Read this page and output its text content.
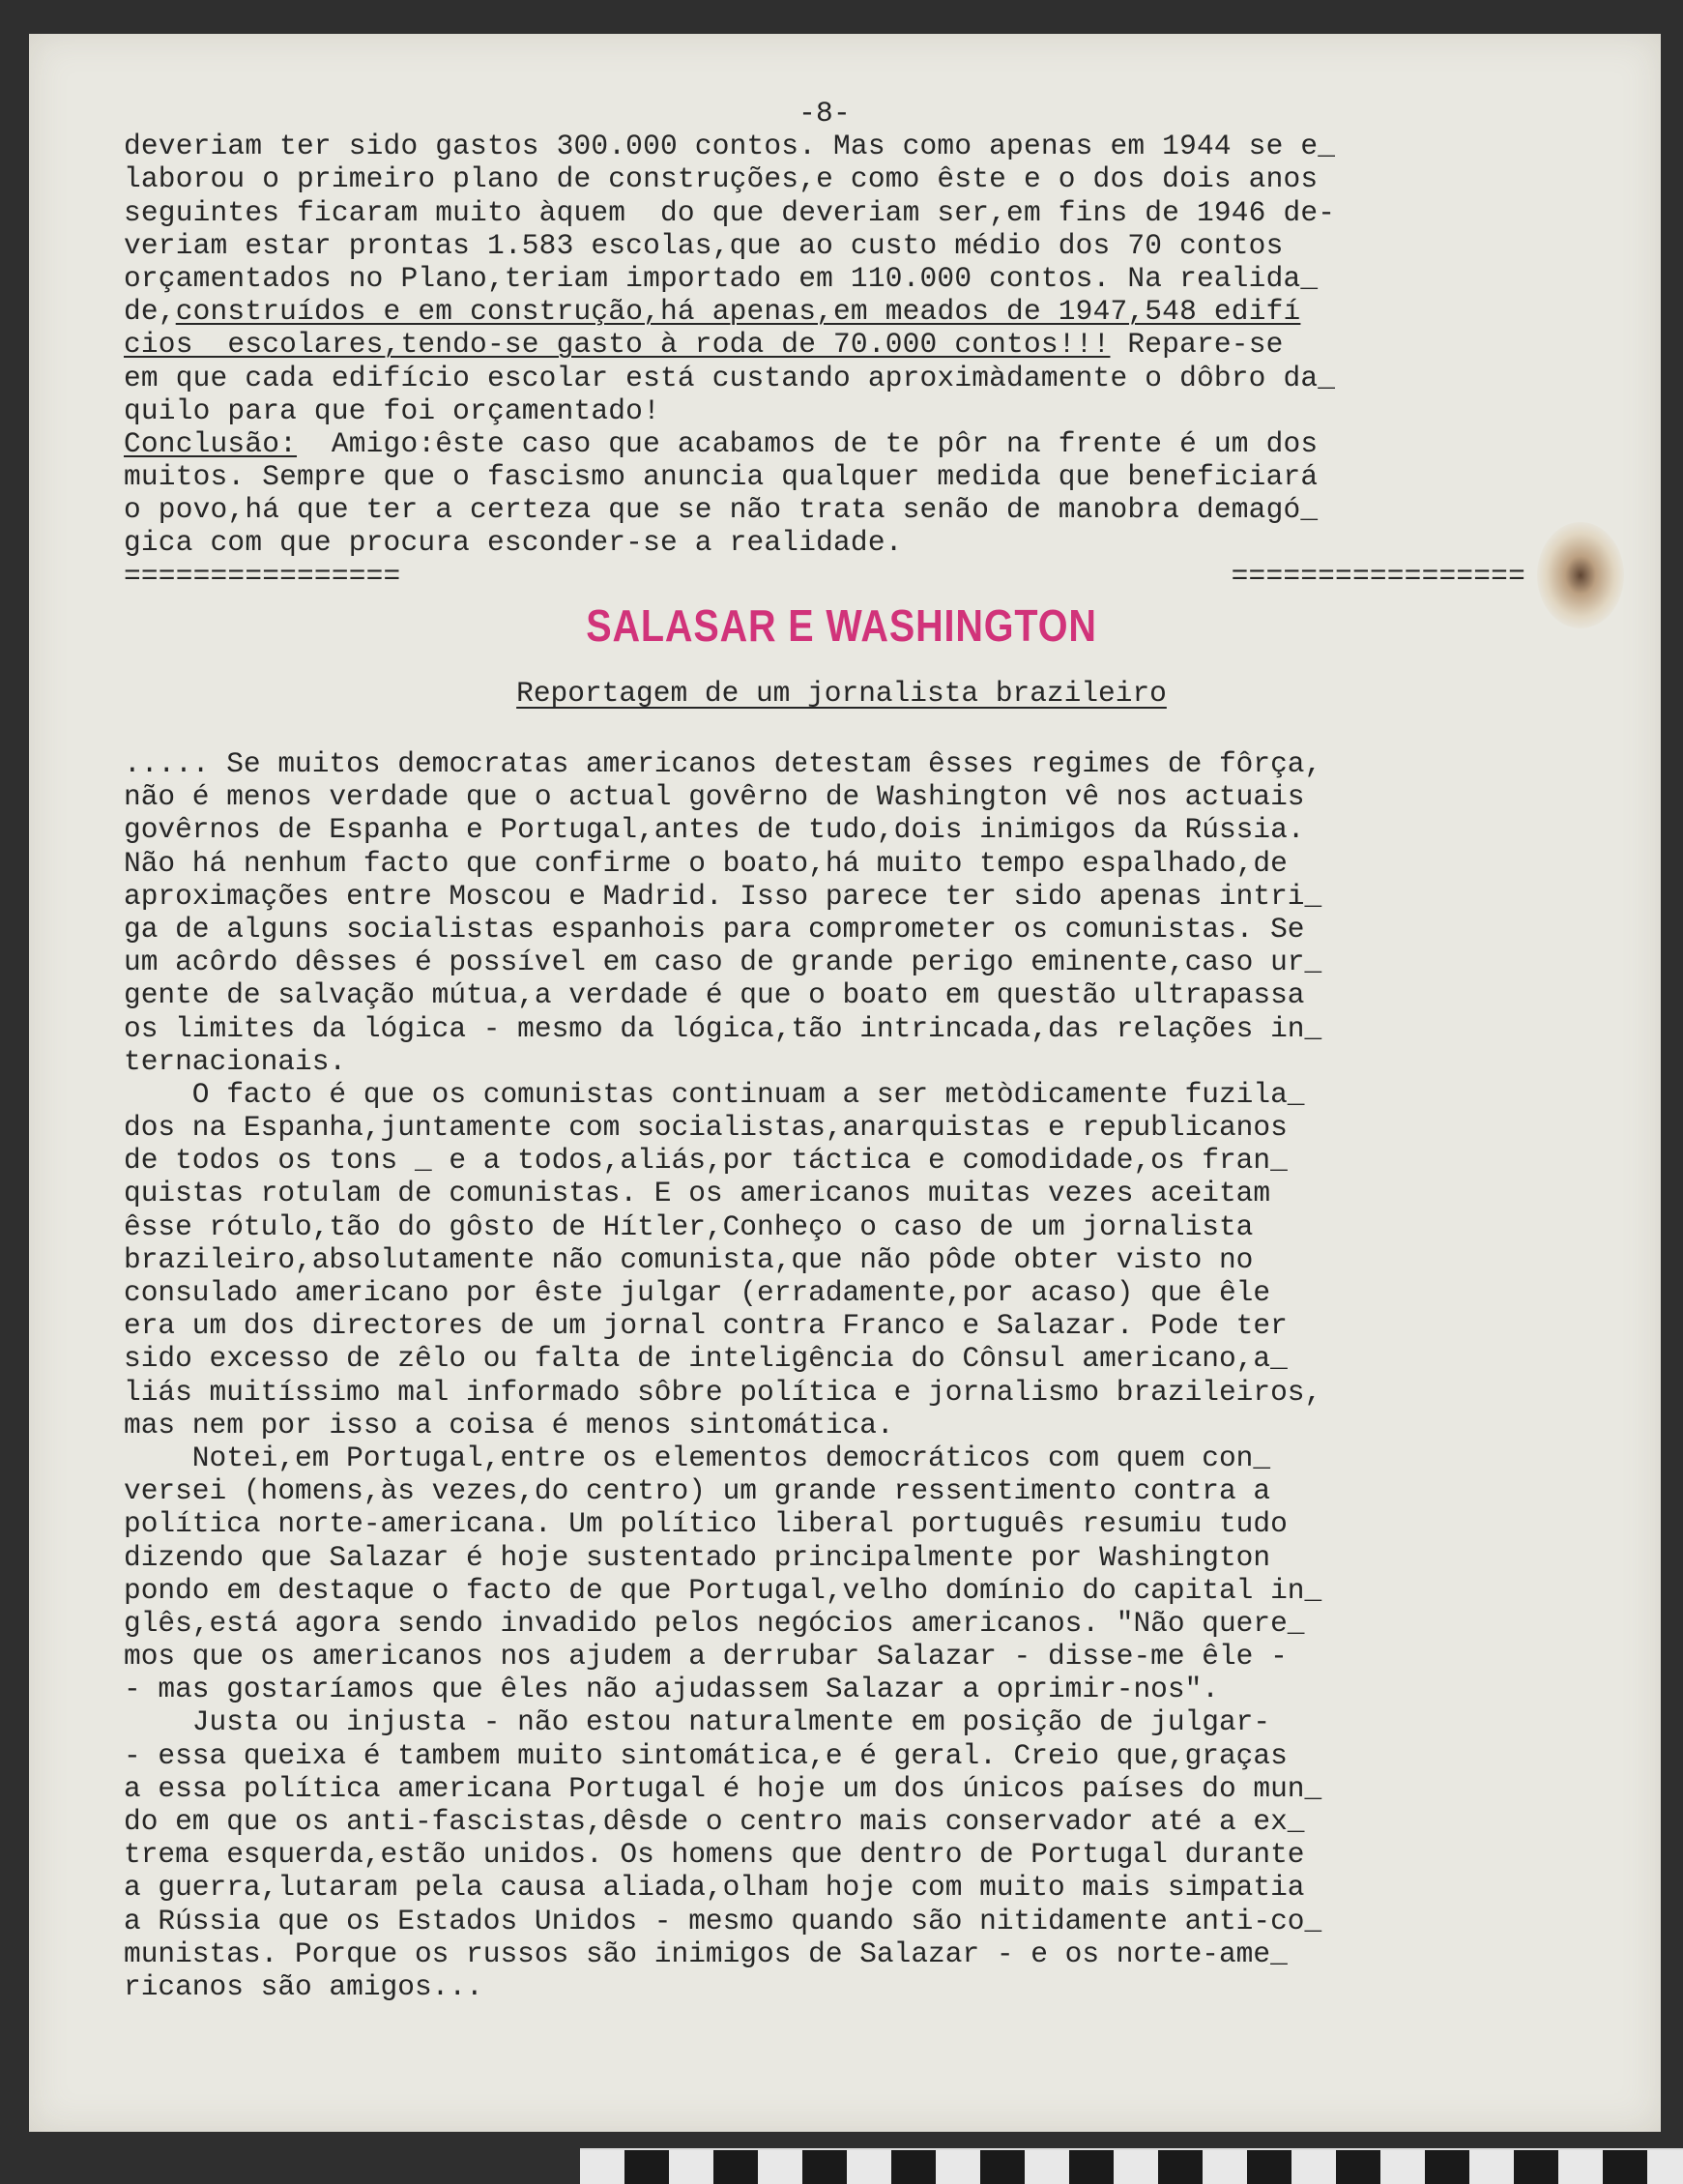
-8-
deveriam ter sido gastos 300.000 contos. Mas como apenas em 1944 se e_
laborou o primeiro plano de construções,e como êste e o dos dois anos
seguintes ficaram muito àquem  do que deveriam ser,em fins de 1946 de-
veriam estar prontas 1.583 escolas,que ao custo médio dos 70 contos
orçamentados no Plano,teriam importado em 110.000 contos. Na realida_
de,construídos e em construção,há apenas,em meados de 1947,548 edifí
cios  escolares,tendo-se gasto à roda de 70.000 contos!!! Repare-se
em que cada edifício escolar está custando aproximàdamente o dôbro da_
quilo para que foi orçamentado!
Conclusão:  Amigo:êste caso que acabamos de te pôr na frente é um dos
muitos. Sempre que o fascismo anuncia qualquer medida que beneficiará
o povo,há que ter a certeza que se não trata senão de manobra demagó_
gica com que procura esconder-se a realidade.
================	=================
SALASAR E WASHINGTON
Reportagem de um jornalista brazileiro
..... Se muitos democratas americanos detestam êsses regimes de fôrça,
não é menos verdade que o actual govêrno de Washington vê nos actuais
govêrnos de Espanha e Portugal,antes de tudo,dois inimigos da Rússia.
Não há nenhum facto que confirme o boato,há muito tempo espalhado,de
aproximações entre Moscou e Madrid. Isso parece ter sido apenas intri_
ga de alguns socialistas espanhois para comprometer os comunistas. Se
um acôrdo dêsses é possível em caso de grande perigo eminente,caso ur_
gente de salvação mútua,a verdade é que o boato em questão ultrapassa
os limites da lógica - mesmo da lógica,tão intrincada,das relações in_
ternacionais.
O facto é que os comunistas continuam a ser metòdicamente fuzila_
dos na Espanha,juntamente com socialistas,anarquistas e republicanos
de todos os tons _ e a todos,aliás,por táctica e comodidade,os fran_
quistas rotulam de comunistas. E os americanos muitas vezes aceitam
êsse rótulo,tão do gôsto de Hítler,Conheço o caso de um jornalista
brazileiro,absolutamente não comunista,que não pôde obter visto no
consulado americano por êste julgar (erradamente,por acaso) que êle
era um dos directores de um jornal contra Franco e Salazar. Pode ter
sido excesso de zêlo ou falta de inteligência do Cônsul americano,a_
liás muitíssimo mal informado sôbre política e jornalismo brazileiros,
mas nem por isso a coisa é menos sintomática.
Notei,em Portugal,entre os elementos democráticos com quem con_
versei (homens,às vezes,do centro) um grande ressentimento contra a
política norte-americana. Um político liberal português resumiu tudo
dizendo que Salazar é hoje sustentado principalmente por Washington
pondo em destaque o facto de que Portugal,velho domínio do capital in_
glês,está agora sendo invadido pelos negócios americanos. "Não quere_
mos que os americanos nos ajudem a derrubar Salazar - disse-me êle -
- mas gostaríamos que êles não ajudassem Salazar a oprimir-nos".
Justa ou injusta - não estou naturalmente em posição de julgar-
- essa queixa é tambem muito sintomática,e é geral. Creio que,graças
a essa política americana Portugal é hoje um dos únicos países do mun_
do em que os anti-fascistas,dêsde o centro mais conservador até a ex_
trema esquerda,estão unidos. Os homens que dentro de Portugal durante
a guerra,lutaram pela causa aliada,olham hoje com muito mais simpatia
a Rússia que os Estados Unidos - mesmo quando são nitidamente anti-co_
munistas. Porque os russos são inimigos de Salazar - e os norte-ame_
ricanos são amigos...
